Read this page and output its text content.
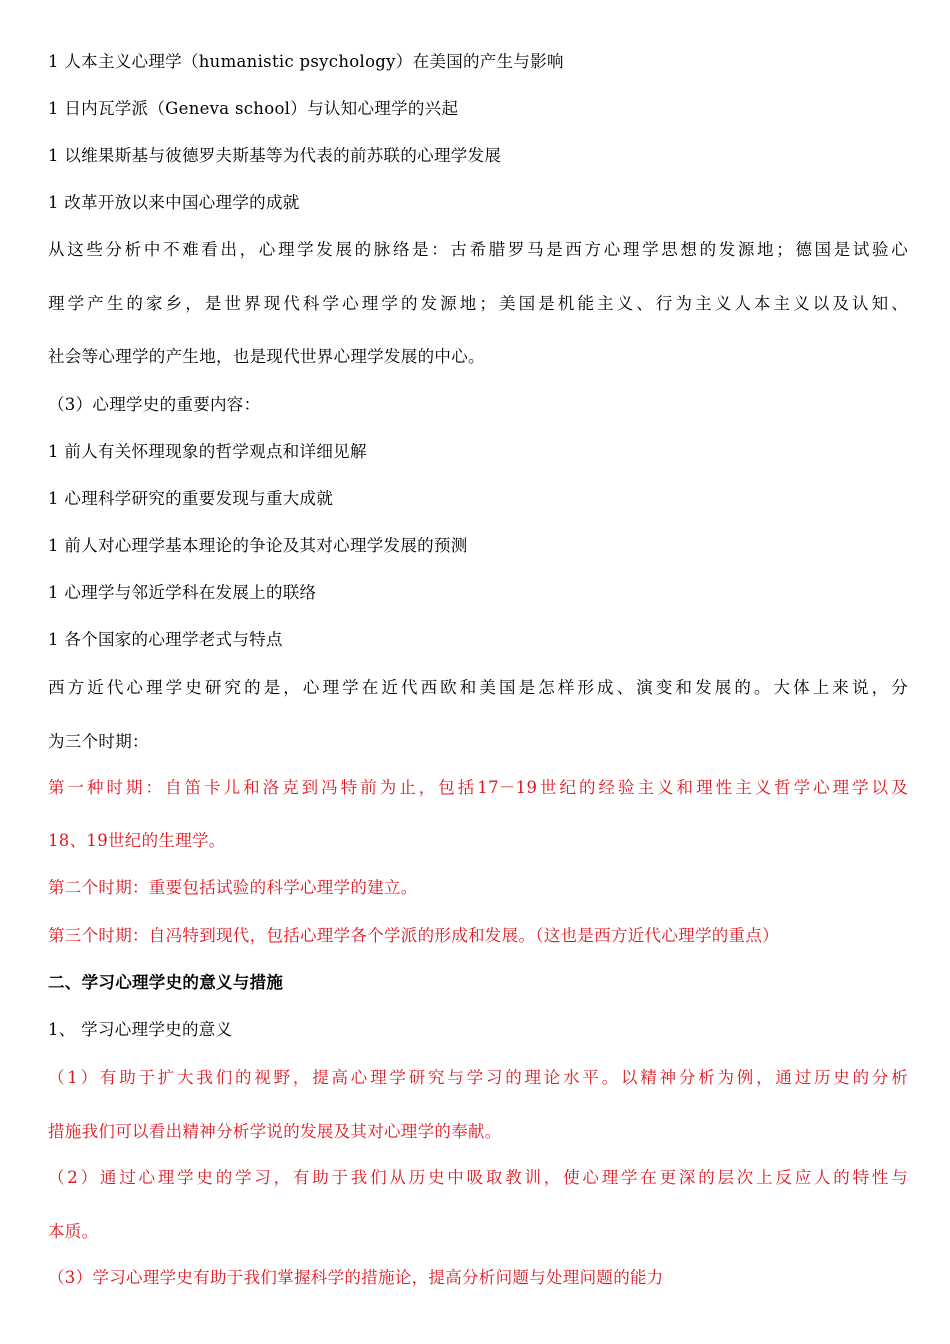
1 人本主义心理学（humanistic psychology）在美国的产生与影响
1 日内瓦学派（Geneva school）与认知心理学的兴起
1 以维果斯基与彼德罗夫斯基等为代表的前苏联的心理学发展
1 改革开放以来中国心理学的成就
从这些分析中不难看出，心理学发展的脉络是：古希腊罗马是西方心理学思想的发源地；德国是试验心
理学产生的家乡，是世界现代科学心理学的发源地；美国是机能主义、行为主义人本主义以及认知、
社会等心理学的产生地，也是现代世界心理学发展的中心。
（3）心理学史的重要内容：
1 前人有关怀理现象的哲学观点和详细见解
1 心理科学研究的重要发现与重大成就
1 前人对心理学基本理论的争论及其对心理学发展的预测
1 心理学与邻近学科在发展上的联络
1 各个国家的心理学老式与特点
西方近代心理学史研究的是，心理学在近代西欧和美国是怎样形成、演变和发展的。大体上来说，分
为三个时期：
第一种时期：自笛卡儿和洛克到冯特前为止，包括17－19世纪的经验主义和理性主义哲学心理学以及
18、19世纪的生理学。
第二个时期：重要包括试验的科学心理学的建立。
第三个时期：自冯特到现代，包括心理学各个学派的形成和发展。（这也是西方近代心理学的重点）
二、学习心理学史的意义与措施
1、 学习心理学史的意义
（1）有助于扩大我们的视野，提高心理学研究与学习的理论水平。以精神分析为例，通过历史的分析
措施我们可以看出精神分析学说的发展及其对心理学的奉献。
（2）通过心理学史的学习，有助于我们从历史中吸取教训，使心理学在更深的层次上反应人的特性与
本质。
（3）学习心理学史有助于我们掌握科学的措施论，提高分析问题与处理问题的能力
